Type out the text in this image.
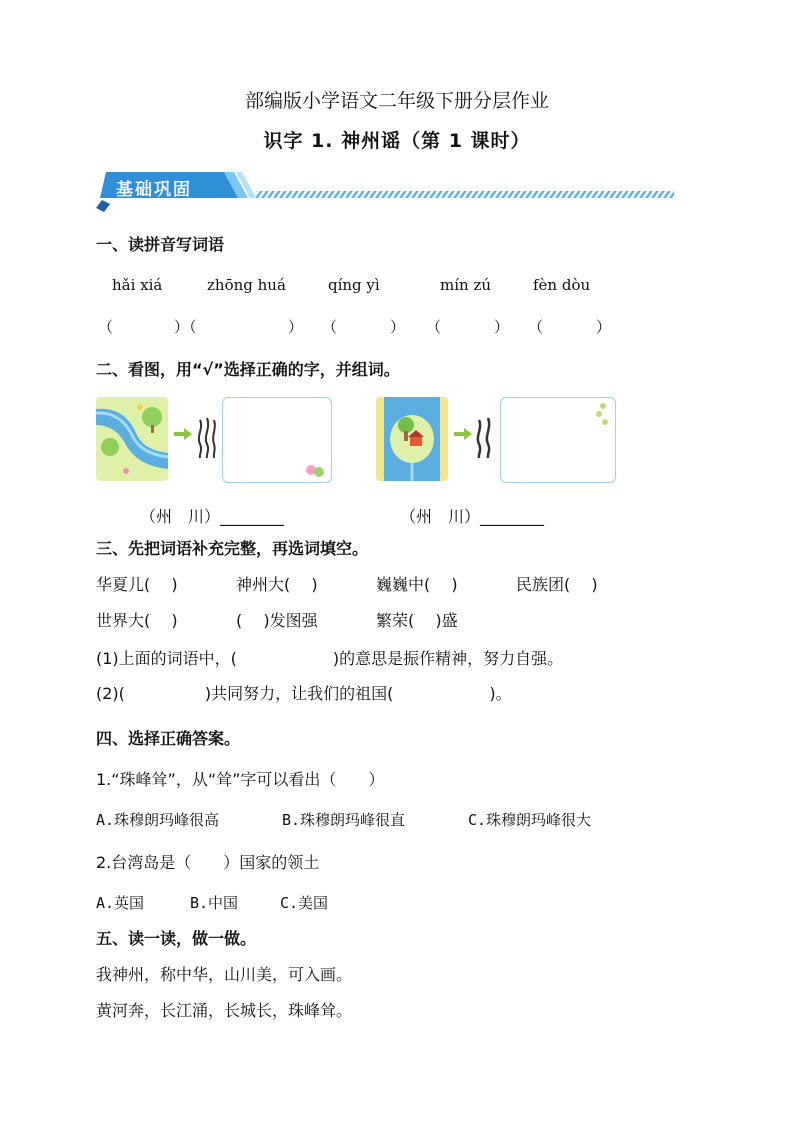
部编版小学语文二年级下册分层作业
识字 1. 神州谣（第 1 课时）
基础巩固
一、读拼音写词语
hǎi xiá	zhōng huá	qíng yì	mín zú	fèn dòu
（	）（	） （	） （	） （	）
二、看图，用“√”选择正确的字，并组词。
（州　川）________	（州　川）________
三、先把词语补充完整，再选词填空。
华夏儿(　 )	神州大(　 )	巍巍中(　 )	民族团(　 )
世界大(　 )	(　 )发图强	繁荣(　 )盛
(1)上面的词语中，(　　　　　　)的意思是振作精神，努力自强。
(2)(　　　　　)共同努力，让我们的祖国(　　　　　　)。
四、选择正确答案。
1.“珠峰耸”，从“耸”字可以看出（　　）
A.珠穆朗玛峰很高	B.珠穆朗玛峰很直	C.珠穆朗玛峰很大
2.台湾岛是（　　）国家的领土
A.英国	B.中国	C.美国
五、读一读，做一做。
我神州，称中华，山川美，可入画。
黄河奔，长江涌，长城长，珠峰耸。
